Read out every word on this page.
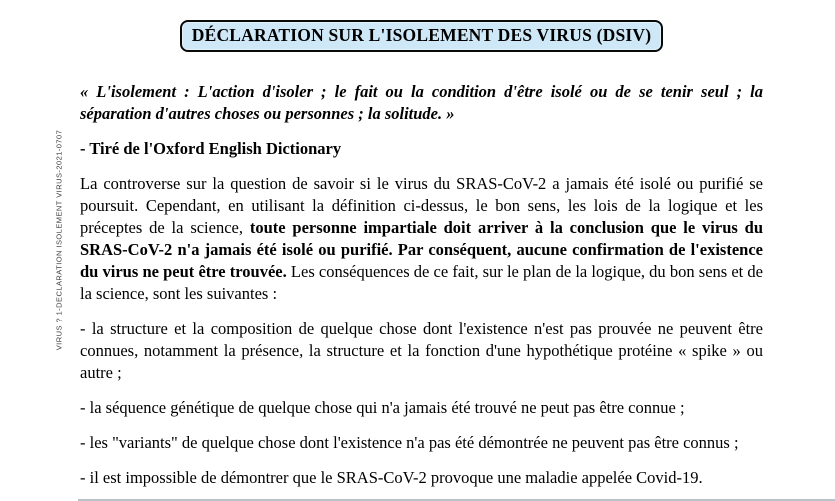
VIRUS ? 1-DECLARATION ISOLEMENT VIRUS-2021-0707
DÉCLARATION SUR L'ISOLEMENT DES VIRUS (DSIV)

« L'isolement : L'action d'isoler ; le fait ou la condition d'être isolé ou de se tenir seul ; la séparation d'autres choses ou personnes ; la solitude. »

- Tiré de l'Oxford English Dictionary

La controverse sur la question de savoir si le virus du SRAS-CoV-2 a jamais été isolé ou purifié se poursuit. Cependant, en utilisant la définition ci-dessus, le bon sens, les lois de la logique et les préceptes de la science, toute personne impartiale doit arriver à la conclusion que le virus du SRAS-CoV-2 n'a jamais été isolé ou purifié. Par conséquent, aucune confirmation de l'existence du virus ne peut être trouvée. Les conséquences de ce fait, sur le plan de la logique, du bon sens et de la science, sont les suivantes :

- la structure et la composition de quelque chose dont l'existence n'est pas prouvée ne peuvent être connues, notamment la présence, la structure et la fonction d'une hypothétique protéine « spike » ou autre ;

- la séquence génétique de quelque chose qui n'a jamais été trouvé ne peut pas être connue ;

- les "variants" de quelque chose dont l'existence n'a pas été démontrée ne peuvent pas être connus ;

- il est impossible de démontrer que le SRAS-CoV-2 provoque une maladie appelée Covid-19.
